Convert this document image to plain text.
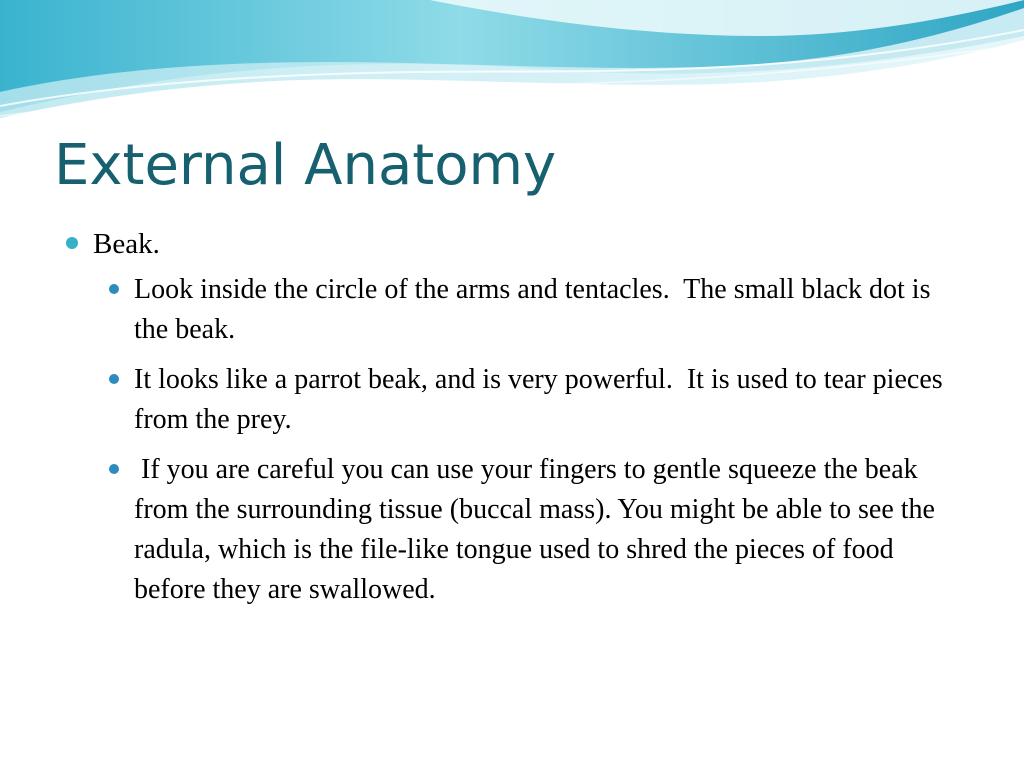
External Anatomy
Beak.
Look inside the circle of the arms and tentacles.  The small black dot is the beak.
It looks like a parrot beak, and is very powerful.  It is used to tear pieces from the prey.
If you are careful you can use your fingers to gentle squeeze the beak from the surrounding tissue (buccal mass). You might be able to see the radula, which is the file-like tongue used to shred the pieces of food before they are swallowed.
